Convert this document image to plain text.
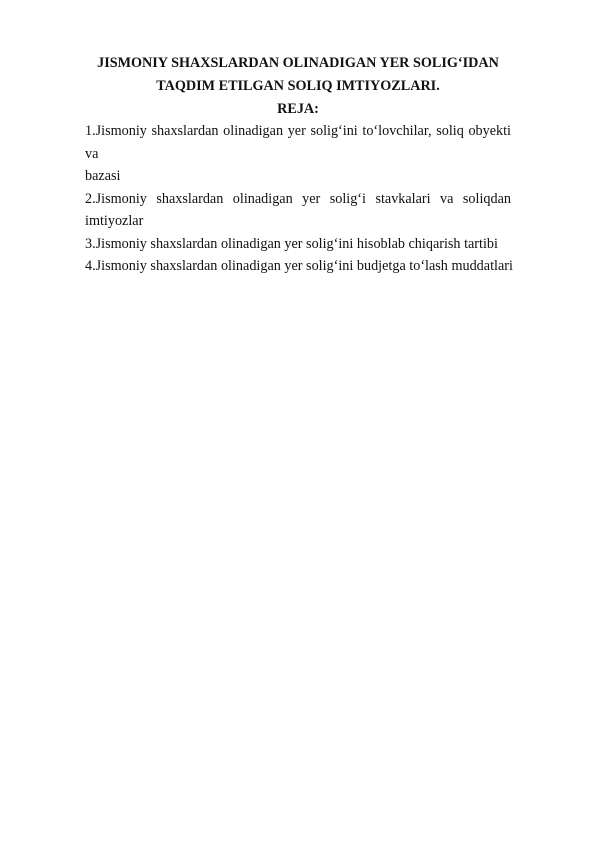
JISMONIY SHAXSLARDAN OLINADIGAN YER SOLIG‘IDAN
TAQDIM ETILGAN SOLIQ IMTIYOZLARI.

REJA:

1.Jismoniy shaxslardan olinadigan yer solig‘ini to‘lovchilar, soliq obyekti va
bazasi
2.Jismoniy shaxslardan olinadigan yer solig‘i stavkalari va soliqdan
imtiyozlar
3.Jismoniy shaxslardan olinadigan yer solig‘ini hisoblab chiqarish tartibi
4.Jismoniy shaxslardan olinadigan yer solig‘ini budjetga to‘lash muddatlari
